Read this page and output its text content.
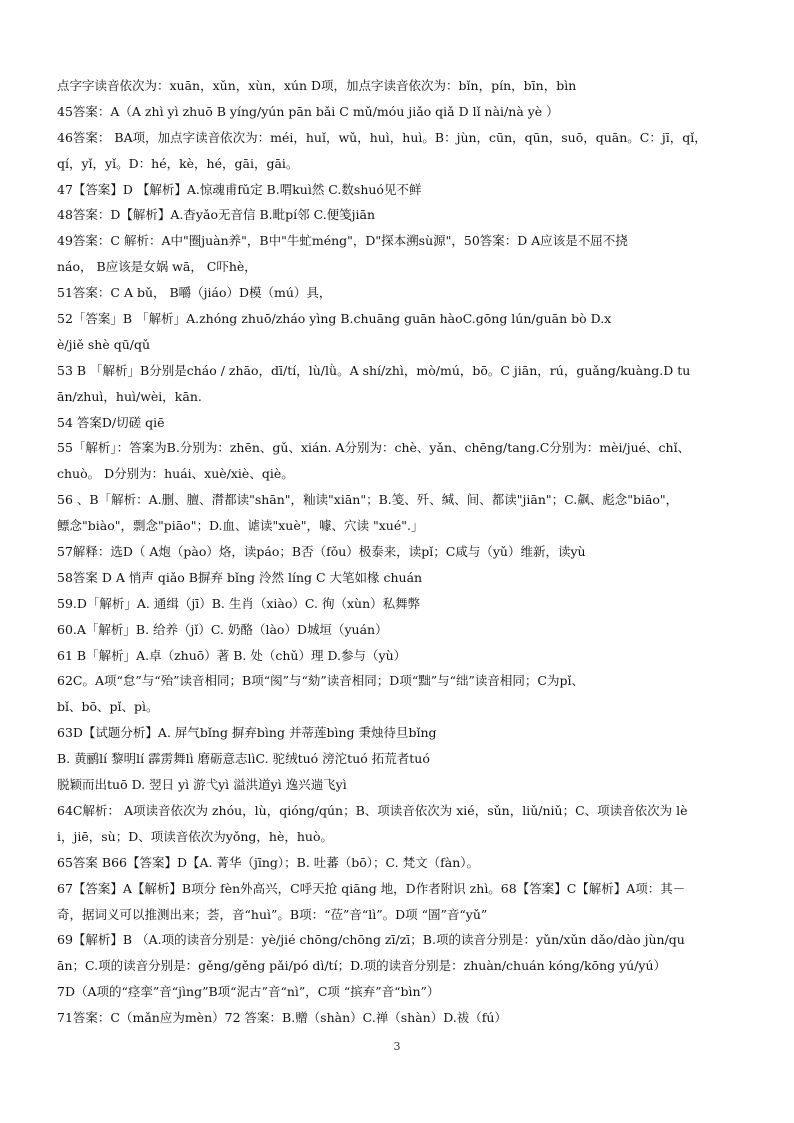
点字字读音依次为：xuān，xǔn，xùn，xún D项，加点字读音依次为：bǐn，pín，bīn，bìn
45答案：A（A zhì yì zhuō B yíng/yún pān bǎi C mǔ/móu jiǎo qiǎ D lǐ nài/nà yè ）
46答案： BA项，加点字读音依次为：méi，huǐ，wǔ，huì，huì。B：jùn，cūn，qūn，suō，quān。C：jī，qǐ，
qí，yǐ，yǐ。D：hé，kè，hé，gāi，gāi。
47【答案】D 【解析】A.惊魂甫fǔ定 B.喟kuì然 C.数shuó见不鲜
48答案：D【解析】A.杳yǎo无音信 B.毗pí邻 C.便笺jiān
49答案：C 解析：A中"圈juàn养"，B中"牛虻méng"，D"探本溯sù源"，50答案：D A应该是不屈不挠
náo， B应该是女娲 wā， C吓hè，
51答案：C A bǔ， B嚼（jiáo）D模（mú）具，
52「答案」B 「解析」A.zhóng zhuō/zháo yìng B.chuāng guān hàoC.gōng lún/guān bò D.x
è/jiě shè qū/qǔ
53 B 「解析」B分别是cháo / zhāo，dī/tí，lù/lǜ。A shí/zhì，mò/mú，bō。C jiān，rú，guǎng/kuàng.D tu
ān/zhuì，huì/wèi，kān.
54 答案D/切磋 qiē
55「解析」：答案为B.分别为：zhēn、gǔ、xián. A分别为：chè、yǎn、chēng/tang.C分别为：mèi/jué、chǐ、
chuò。 D分别为：huái、xuè/xiè、qiè。
56 、B「解析：A.删、膻、潸都读"shān"，籼读"xiān"；B.笺、歼、缄、间、都读"jiān"；C.飙、彪念"biāo"，
鳔念"biào"，剽念"piāo"；D.血、谑读"xuè"，噱、穴读 "xué".」
57解释：选D（ A炮（pào）烙，读páo；B否（fǒu）极泰来，读pǐ；C咸与（yǔ）维新，读yù
58答案 D A 悄声 qiǎo B摒弃 bǐng 泠然 líng C 大笔如椽 chuán
59.D「解析」A. 通缉（jī）B. 生肖（xiào）C. 徇（xùn）私舞弊
60.A「解析」B. 给养（jǐ）C. 奶酪（lào）D城垣（yuán）
61 B「解析」A.卓（zhuō）著 B. 处（chǔ）理 D.参与（yù）
62C。A项“怠”与“殆”读音相同；B项“阂”与“劾”读音相同；D项“黜”与“绌”读音相同；C为pǐ、
bǐ、bō、pǐ、pì。
63D【试题分析】A. 屏气bǐng 摒弃bìng 并蒂莲bìng 秉烛待旦bǐng
B. 黄鹂lí 黎明lí 霹雳舞lì 磨砺意志lìC. 驼绒tuó 滂沱tuó 拓荒者tuó
脱颖而出tuō D. 翌日 yì 游弋yì 溢洪道yì 逸兴遄飞yì
64C解析： A项读音依次为 zhóu，lù，qióng/qún；B、项读音依次为 xié，sǔn，liǔ/niǔ；C、项读音依次为 lè
i，jiē，sù；D、项读音依次为yǒng，hè，huò。
65答案 B66【答案】D【A. 菁华（jīng）；B. 吐蕃（bō）；C. 梵文（fàn）。
67【答案】A【解析】B项分 fèn外高兴，C呼天抢 qiāng 地，D作者附识 zhì。68【答案】C【解析】A项：其－
奇，据词义可以推测出来；荟，音“huì”。B项：“莅”音“lì”。D项 “圄”音“yǔ”
69【解析】B （A.项的读音分别是：yè/jié chōng/chōng zī/zī；B.项的读音分别是：yǔn/xǔn dǎo/dào jùn/qu
ān；C.项的读音分别是：gěng/gěng pǎi/pó dì/tí；D.项的读音分别是：zhuàn/chuán kóng/kōng yú/yú）
7D（A项的“痉挛”音“jìng”B项“泥古”音“nì”，C项 “摈弃”音“bìn”）
71答案：C（mǎn应为mèn）72 答案：B.赠（shàn）C.禅（shàn）D.祓（fú）
3
